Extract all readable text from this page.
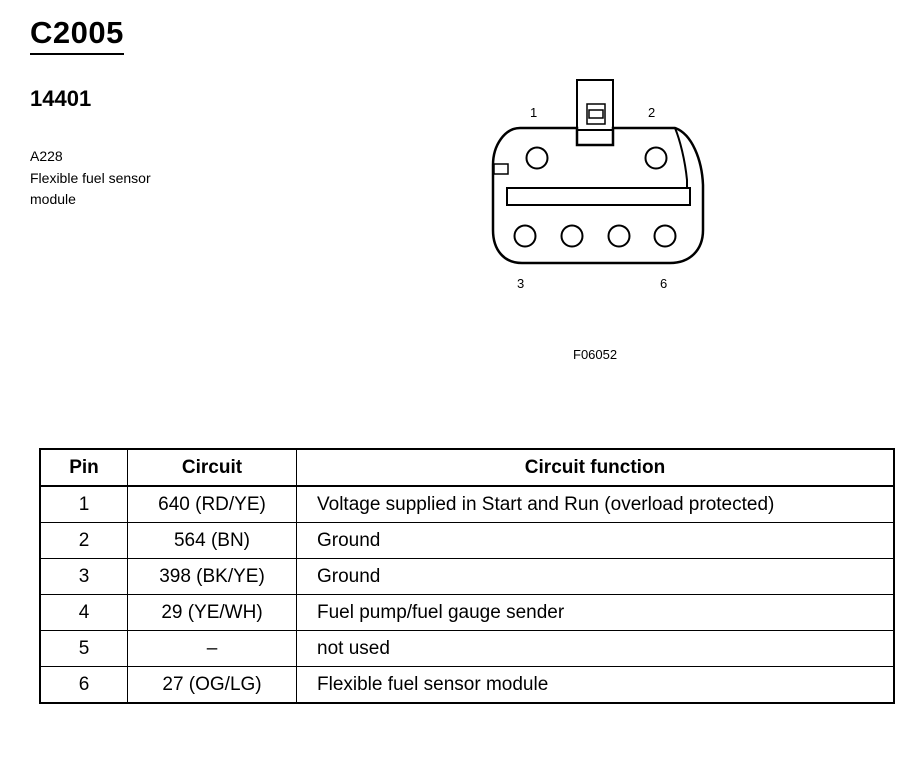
C2005
14401
A228
Flexible fuel sensor module
1	2
3	6
F06052
Pin	Circuit	Circuit function
1	640 (RD/YE)	Voltage supplied in Start and Run (overload protected)
2	564 (BN)	Ground
3	398 (BK/YE)	Ground
4	29 (YE/WH)	Fuel pump/fuel gauge sender
5	–	not used
6	27 (OG/LG)	Flexible fuel sensor module
